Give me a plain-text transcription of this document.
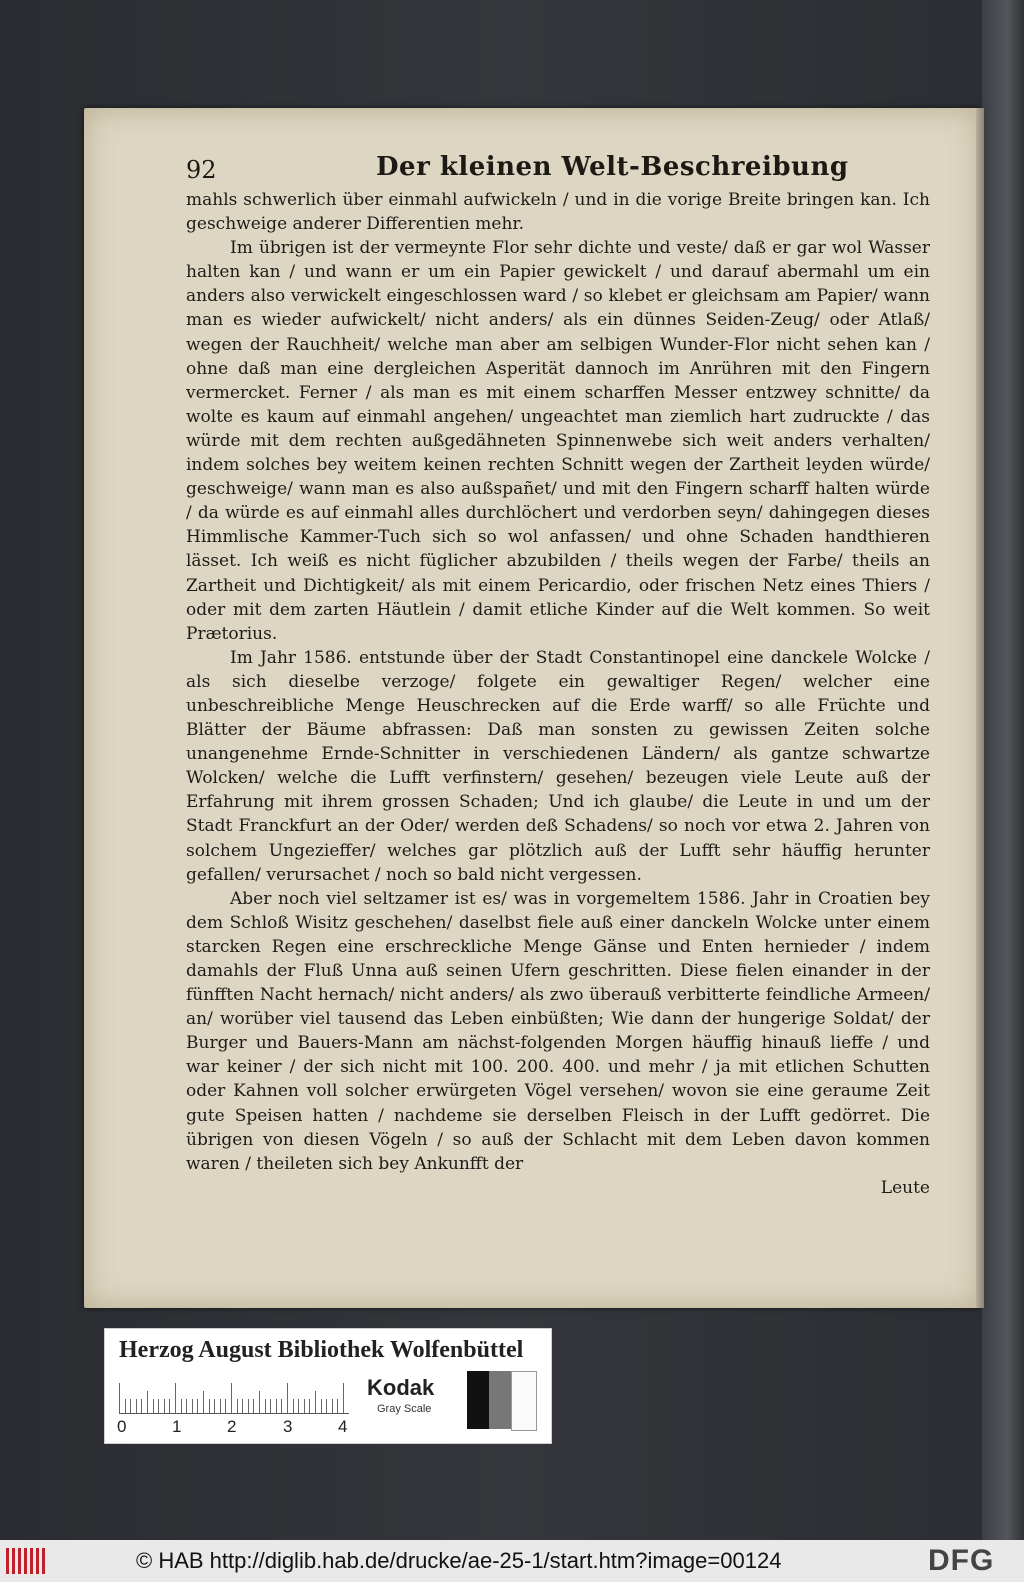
92	Der kleinen Welt-Beschreibung

mahls schwerlich über einmahl aufwickeln / und in die vorige Breite bringen kan. Ich geschweige anderer Differentien mehr.

Im übrigen ist der vermeynte Flor sehr dichte und veste/ daß er gar wol Wasser halten kan / und wann er um ein Papier gewickelt / und darauf abermahl um ein anders also verwickelt eingeschlossen ward / so klebet er gleichsam am Papier/ wann man es wieder aufwickelt/ nicht anders/ als ein dünnes Seiden-Zeug/ oder Atlaß/ wegen der Rauchheit/ welche man aber am selbigen Wunder-Flor nicht sehen kan / ohne daß man eine dergleichen Asperität dannoch im Anrühren mit den Fingern vermercket. Ferner / als man es mit einem scharffen Messer entzwey schnitte/ da wolte es kaum auf einmahl angehen/ ungeachtet man ziemlich hart zudruckte / das würde mit dem rechten außgedähneten Spinnenwebe sich weit anders verhalten/ indem solches bey weitem keinen rechten Schnitt wegen der Zartheit leyden würde/ geschweige/ wann man es also außspañet/ und mit den Fingern scharff halten würde / da würde es auf einmahl alles durchlöchert und verdorben seyn/ dahingegen dieses Himmlische Kammer-Tuch sich so wol anfassen/ und ohne Schaden handthieren lässet. Ich weiß es nicht füglicher abzubilden / theils wegen der Farbe/ theils an Zartheit und Dichtigkeit/ als mit einem Pericardio, oder frischen Netz eines Thiers / oder mit dem zarten Häutlein / damit etliche Kinder auf die Welt kommen. So weit Prætorius.

Im Jahr 1586. entstunde über der Stadt Constantinopel eine danckele Wolcke / als sich dieselbe verzoge/ folgete ein gewaltiger Regen/ welcher eine unbeschreibliche Menge Heuschrecken auf die Erde warff/ so alle Früchte und Blätter der Bäume abfrassen: Daß man sonsten zu gewissen Zeiten solche unangenehme Ernde-Schnitter in verschiedenen Ländern/ als gantze schwartze Wolcken/ welche die Lufft verfinstern/ gesehen/ bezeugen viele Leute auß der Erfahrung mit ihrem grossen Schaden; Und ich glaube/ die Leute in und um der Stadt Franckfurt an der Oder/ werden deß Schadens/ so noch vor etwa 2. Jahren von solchem Ungezieffer/ welches gar plötzlich auß der Lufft sehr häuffig herunter gefallen/ verursachet / noch so bald nicht vergessen.

Aber noch viel seltzamer ist es/ was in vorgemeltem 1586. Jahr in Croatien bey dem Schloß Wisitz geschehen/ daselbst fiele auß einer danckeln Wolcke unter einem starcken Regen eine erschreckliche Menge Gänse und Enten hernieder / indem damahls der Fluß Unna auß seinen Ufern geschritten. Diese fielen einander in der fünfften Nacht hernach/ nicht anders/ als zwo überauß verbitterte feindliche Armeen/ an/ worüber viel tausend das Leben einbüßten; Wie dann der hungerige Soldat/ der Burger und Bauers-Mann am nächst-folgenden Morgen häuffig hinauß lieffe / und war keiner / der sich nicht mit 100. 200. 400. und mehr / ja mit etlichen Schutten oder Kahnen voll solcher erwürgeten Vögel versehen/ wovon sie eine geraume Zeit gute Speisen hatten / nachdeme sie derselben Fleisch in der Lufft gedörret. Die übrigen von diesen Vögeln / so auß der Schlacht mit dem Leben davon kommen waren / theileten sich bey Ankunfft der

Leute
Herzog August Bibliothek Wolfenbüttel
0	1	2	3	4
Kodak
Gray Scale
© HAB http://diglib.hab.de/drucke/ae-25-1/start.htm?image=00124	DFG
